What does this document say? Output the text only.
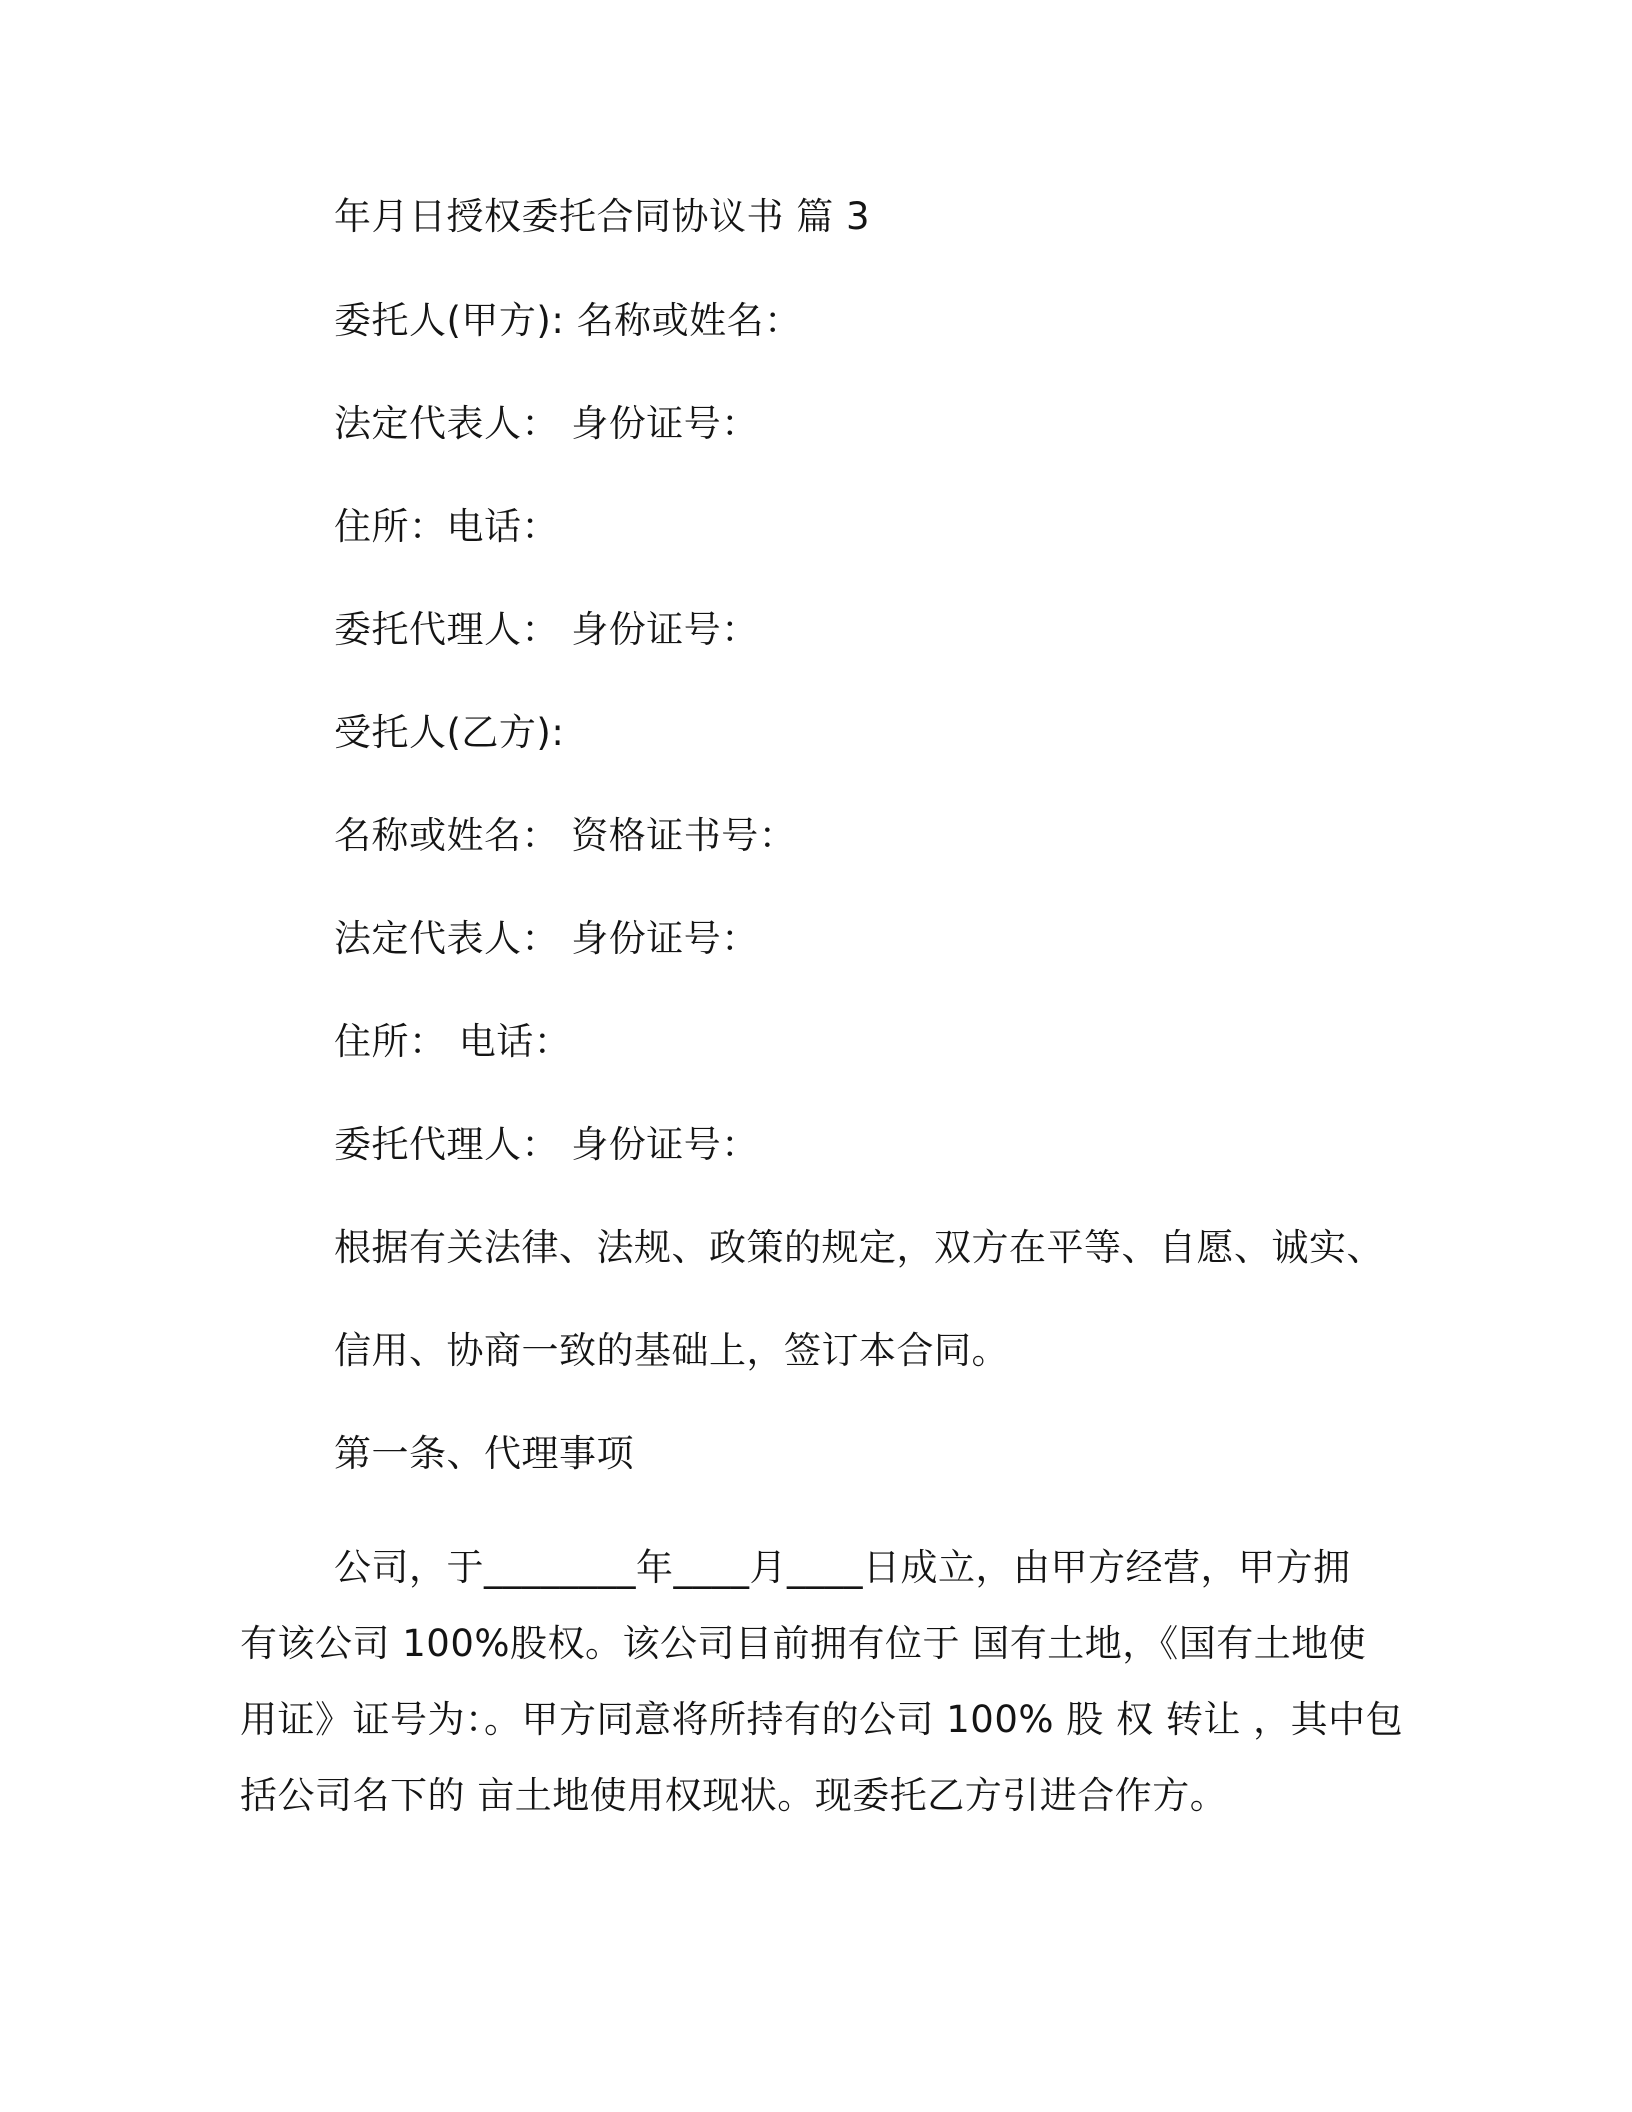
年月日授权委托合同协议书 篇 3

委托人(甲方): 名称或姓名：

法定代表人： 身份证号：

住所：电话：

委托代理人： 身份证号：

受托人(乙方):

名称或姓名： 资格证书号：

法定代表人： 身份证号：

住所： 电话：

委托代理人： 身份证号：

根据有关法律、法规、政策的规定，双方在平等、自愿、诚实、

信用、协商一致的基础上，签订本合同。

第一条、代理事项

公司，于________年____月____日成立，由甲方经营，甲方拥
有该公司 100%股权。该公司目前拥有位于 国有土地，《国有土地使
用证》证号为：。甲方同意将所持有的公司 100% 股 权 转让 ，其中包
括公司名下的 亩土地使用权现状。现委托乙方引进合作方。
